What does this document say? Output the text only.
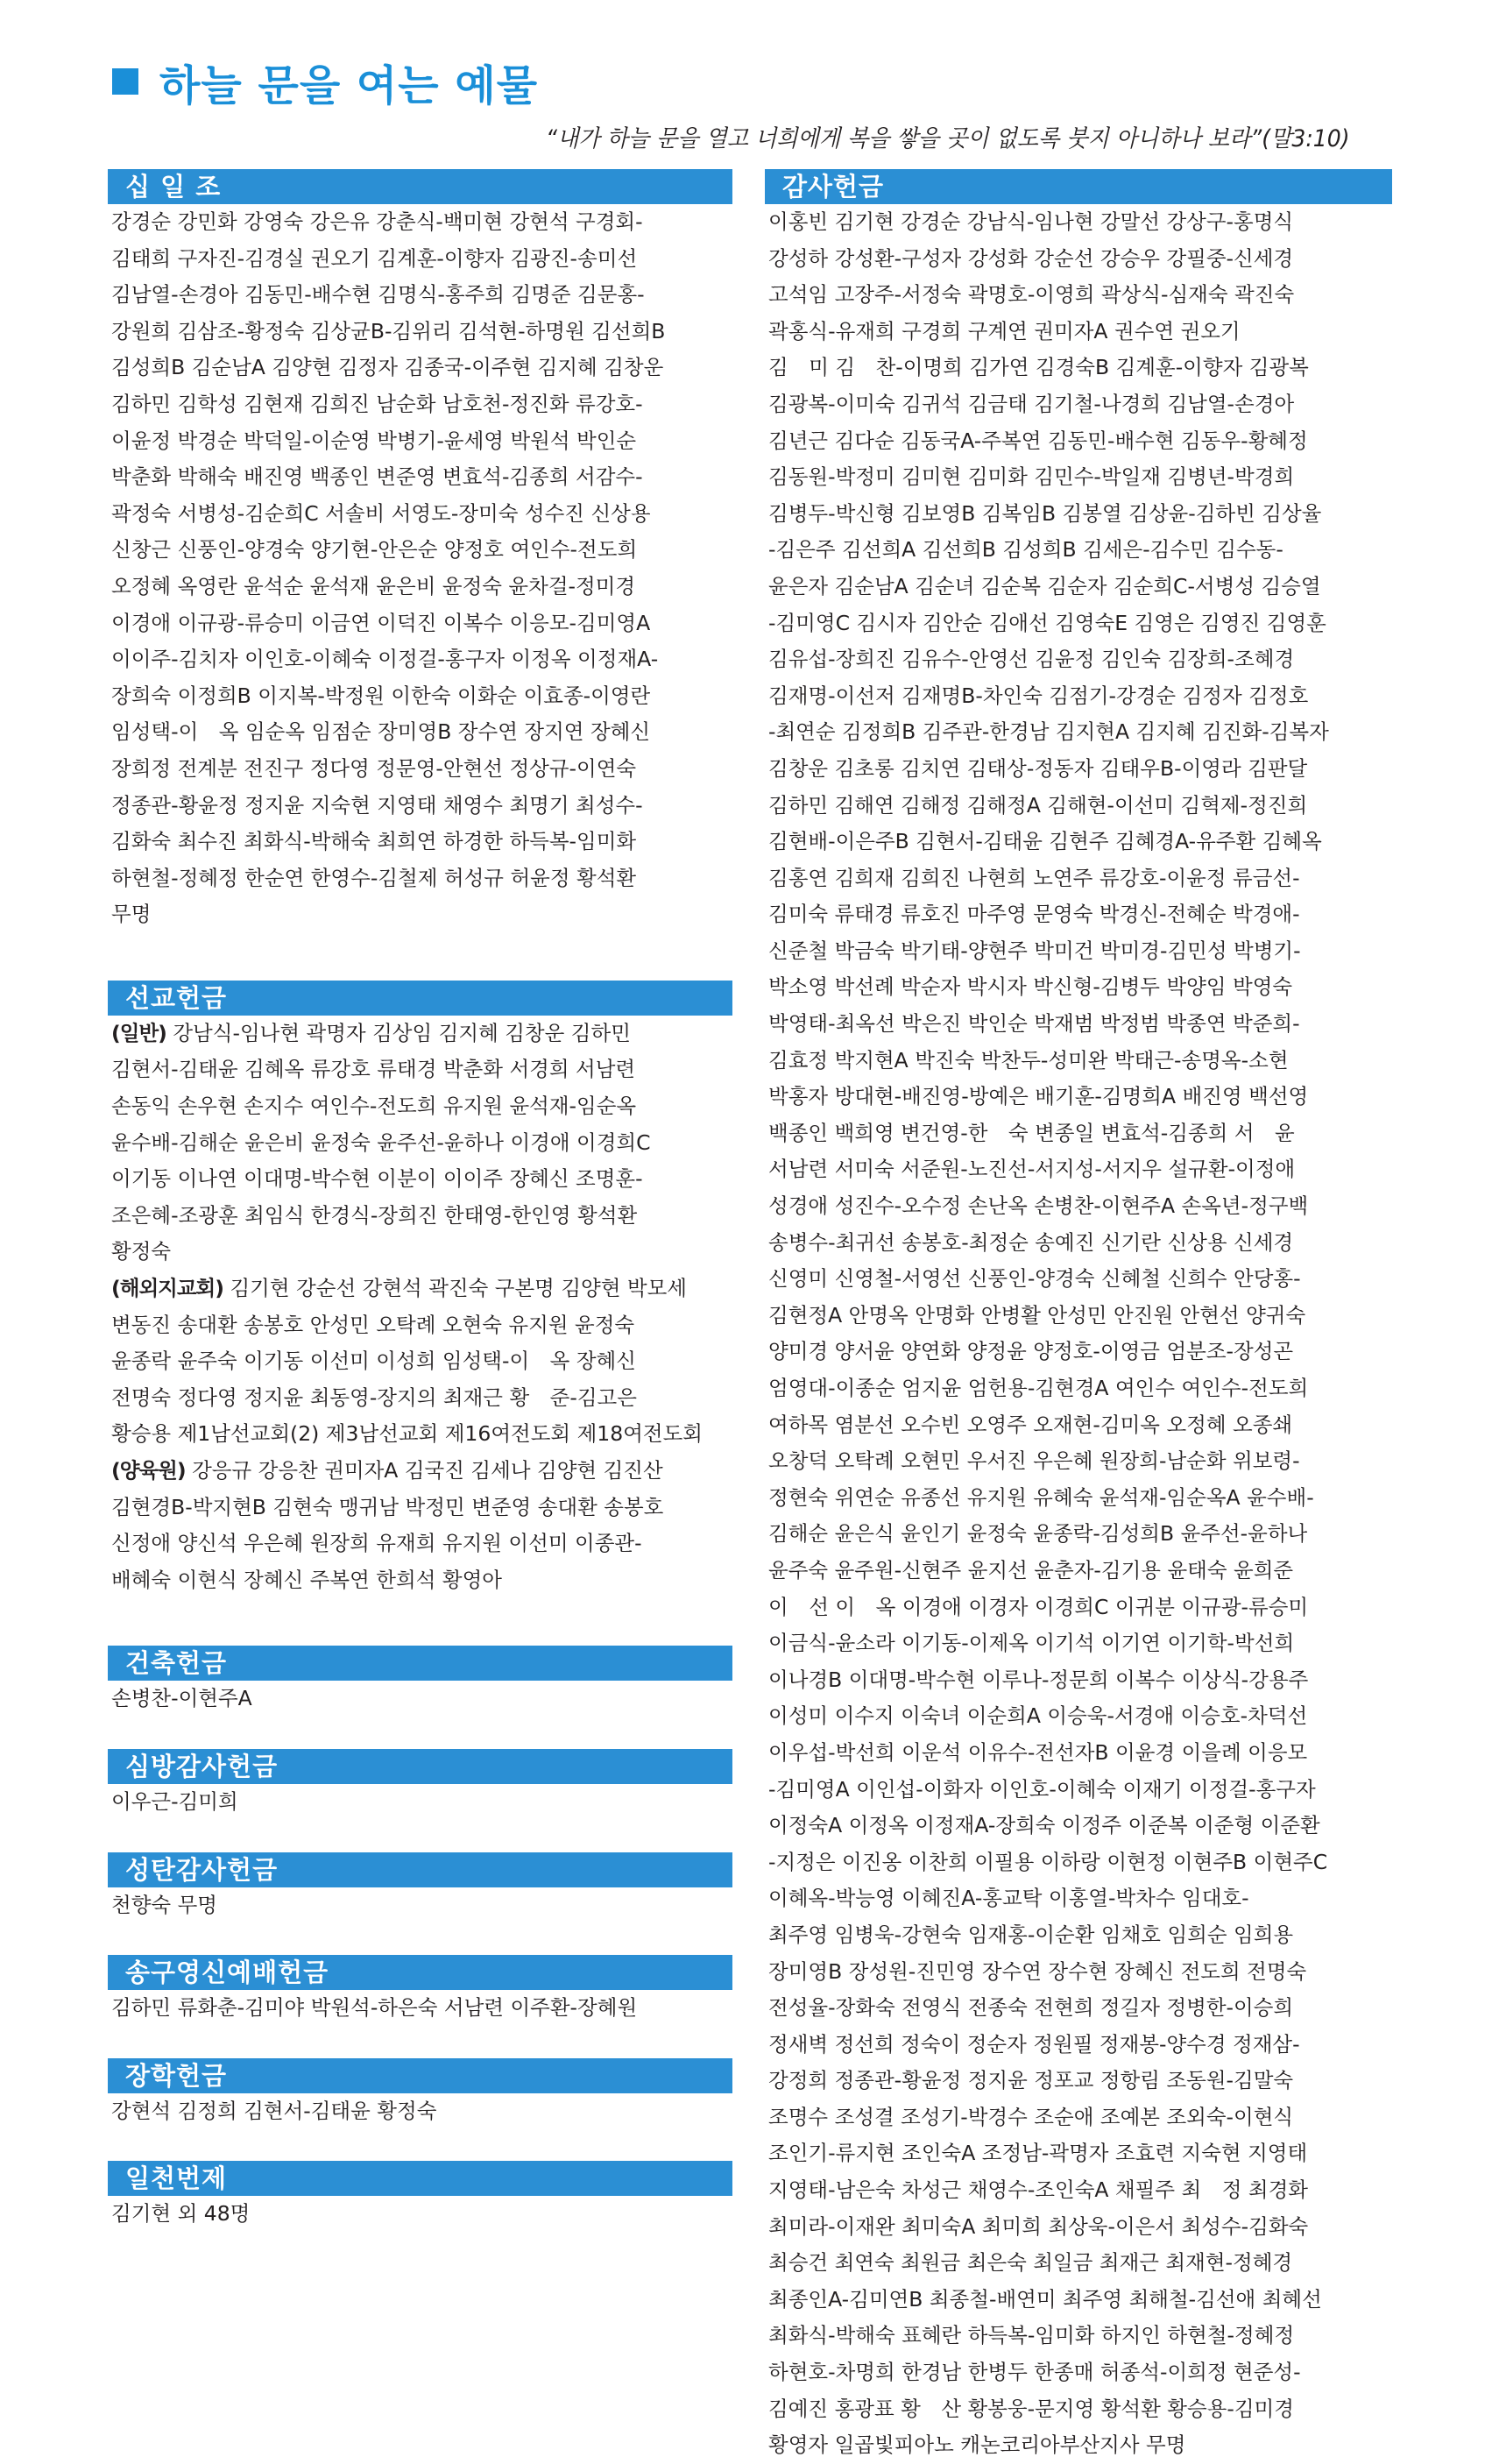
하늘 문을 여는 예물
“내가 하늘 문을 열고 너희에게 복을 쌓을 곳이 없도록 붓지 아니하나 보라”(말3:10)
십 일 조
강경순 강민화 강영숙 강은유 강춘식-백미현 강현석 구경회-
김태희 구자진-김경실 권오기 김계훈-이향자 김광진-송미선
김남열-손경아 김동민-배수현 김명식-홍주희 김명준 김문홍-
강원희 김삼조-황정숙 김상균B-김위리 김석현-하명원 김선희B
김성희B 김순남A 김양현 김정자 김종국-이주현 김지혜 김창운
김하민 김학성 김현재 김희진 남순화 남호천-정진화 류강호-
이윤정 박경순 박덕일-이순영 박병기-윤세영 박원석 박인순
박춘화 박해숙 배진영 백종인 변준영 변효석-김종희 서감수-
곽정숙 서병성-김순희C 서솔비 서영도-장미숙 성수진 신상용
신창근 신풍인-양경숙 양기현-안은순 양정호 여인수-전도희
오정혜 옥영란 윤석순 윤석재 윤은비 윤정숙 윤차걸-정미경
이경애 이규광-류승미 이금연 이덕진 이복수 이응모-김미영A
이이주-김치자 이인호-이혜숙 이정걸-홍구자 이정옥 이정재A-
장희숙 이정희B 이지복-박정원 이한숙 이화순 이효종-이영란
임성택-이　옥 임순옥 임점순 장미영B 장수연 장지연 장혜신
장희정 전계분 전진구 정다영 정문영-안현선 정상규-이연숙
정종관-황윤정 정지윤 지숙현 지영태 채영수 최명기 최성수-
김화숙 최수진 최화식-박해숙 최희연 하경한 하득복-임미화
하현철-정혜정 한순연 한영수-김철제 허성규 허윤정 황석환
무명
선교헌금
(일반) 강남식-임나현 곽명자 김상임 김지혜 김창운 김하민
김현서-김태윤 김혜옥 류강호 류태경 박춘화 서경희 서남련
손동익 손우현 손지수 여인수-전도희 유지원 윤석재-임순옥
윤수배-김해순 윤은비 윤정숙 윤주선-윤하나 이경애 이경희C
이기동 이나연 이대명-박수현 이분이 이이주 장혜신 조명훈-
조은혜-조광훈 최임식 한경식-장희진 한태영-한인영 황석환
황정숙
(해외지교회) 김기현 강순선 강현석 곽진숙 구본명 김양현 박모세
변동진 송대환 송봉호 안성민 오탁례 오현숙 유지원 윤정숙
윤종락 윤주숙 이기동 이선미 이성희 임성택-이　옥 장혜신
전명숙 정다영 정지윤 최동영-장지의 최재근 황　준-김고은
황승용 제1남선교회(2) 제3남선교회 제16여전도회 제18여전도회
(양육원) 강응규 강응찬 권미자A 김국진 김세나 김양현 김진산
김현경B-박지현B 김현숙 맹귀남 박정민 변준영 송대환 송봉호
신정애 양신석 우은혜 원장희 유재희 유지원 이선미 이종관-
배혜숙 이현식 장혜신 주복연 한희석 황영아
건축헌금
손병찬-이현주A
심방감사헌금
이우근-김미희
성탄감사헌금
천향숙 무명
송구영신예배헌금
김하민 류화춘-김미야 박원석-하은숙 서남련 이주환-장혜원
장학헌금
강현석 김정희 김현서-김태윤 황정숙
일천번제
김기현 외 48명
감사헌금
이홍빈 김기현 강경순 강남식-임나현 강말선 강상구-홍명식
강성하 강성환-구성자 강성화 강순선 강승우 강필중-신세경
고석임 고장주-서정숙 곽명호-이영희 곽상식-심재숙 곽진숙
곽홍식-유재희 구경희 구계연 권미자A 권수연 권오기
김　미 김　찬-이명희 김가연 김경숙B 김계훈-이향자 김광복
김광복-이미숙 김귀석 김금태 김기철-나경희 김남열-손경아
김년근 김다순 김동국A-주복연 김동민-배수현 김동우-황혜정
김동원-박정미 김미현 김미화 김민수-박일재 김병년-박경희
김병두-박신형 김보영B 김복임B 김봉열 김상윤-김하빈 김상율
-김은주 김선희A 김선희B 김성희B 김세은-김수민 김수동-
윤은자 김순남A 김순녀 김순복 김순자 김순희C-서병성 김승열
-김미영C 김시자 김안순 김애선 김영숙E 김영은 김영진 김영훈
김유섭-장희진 김유수-안영선 김윤정 김인숙 김장희-조혜경
김재명-이선저 김재명B-차인숙 김점기-강경순 김정자 김정호
-최연순 김정희B 김주관-한경남 김지현A 김지혜 김진화-김복자
김창운 김초롱 김치연 김태상-정동자 김태우B-이영라 김판달
김하민 김해연 김해정 김해정A 김해현-이선미 김혁제-정진희
김현배-이은주B 김현서-김태윤 김현주 김혜경A-유주환 김혜옥
김홍연 김희재 김희진 나현희 노연주 류강호-이윤정 류금선-
김미숙 류태경 류호진 마주영 문영숙 박경신-전혜순 박경애-
신준철 박금숙 박기태-양현주 박미건 박미경-김민성 박병기-
박소영 박선례 박순자 박시자 박신형-김병두 박양임 박영숙
박영태-최옥선 박은진 박인순 박재범 박정범 박종연 박준희-
김효정 박지현A 박진숙 박찬두-성미완 박태근-송명옥-소현
박홍자 방대현-배진영-방예은 배기훈-김명희A 배진영 백선영
백종인 백희영 변건영-한　숙 변종일 변효석-김종희 서　윤
서남련 서미숙 서준원-노진선-서지성-서지우 설규환-이정애
성경애 성진수-오수정 손난옥 손병찬-이현주A 손옥년-정구백
송병수-최귀선 송봉호-최정순 송예진 신기란 신상용 신세경
신영미 신영철-서영선 신풍인-양경숙 신혜철 신희수 안당홍-
김현정A 안명옥 안명화 안병활 안성민 안진원 안현선 양귀숙
양미경 양서윤 양연화 양정윤 양정호-이영금 엄분조-장성곤
엄영대-이종순 엄지윤 엄헌용-김현경A 여인수 여인수-전도희
여하목 염분선 오수빈 오영주 오재현-김미옥 오정혜 오종쇄
오창덕 오탁례 오현민 우서진 우은혜 원장희-남순화 위보령-
정현숙 위연순 유종선 유지원 유혜숙 윤석재-임순옥A 윤수배-
김해순 윤은식 윤인기 윤정숙 윤종락-김성희B 윤주선-윤하나
윤주숙 윤주원-신현주 윤지선 윤춘자-김기용 윤태숙 윤희준
이　선 이　옥 이경애 이경자 이경희C 이귀분 이규광-류승미
이금식-윤소라 이기동-이제옥 이기석 이기연 이기학-박선희
이나경B 이대명-박수현 이루나-정문희 이복수 이상식-강용주
이성미 이수지 이숙녀 이순희A 이승욱-서경애 이승호-차덕선
이우섭-박선희 이운석 이유수-전선자B 이윤경 이을례 이응모
-김미영A 이인섭-이화자 이인호-이혜숙 이재기 이정걸-홍구자
이정숙A 이정옥 이정재A-장희숙 이정주 이준복 이준형 이준환
-지정은 이진옹 이찬희 이필용 이하랑 이현정 이현주B 이현주C
이혜옥-박능영 이혜진A-홍교탁 이홍열-박차수 임대호-
최주영 임병욱-강현숙 임재홍-이순환 임채호 임희순 임희용
장미영B 장성원-진민영 장수연 장수현 장혜신 전도희 전명숙
전성율-장화숙 전영식 전종숙 전현희 정길자 정병한-이승희
정새벽 정선희 정숙이 정순자 정원필 정재봉-양수경 정재삼-
강정희 정종관-황윤정 정지윤 정포교 정항림 조동원-김말숙
조명수 조성결 조성기-박경수 조순애 조예본 조외숙-이현식
조인기-류지현 조인숙A 조정남-곽명자 조효련 지숙현 지영태
지영태-남은숙 차성근 채영수-조인숙A 채필주 최　정 최경화
최미라-이재완 최미숙A 최미희 최상욱-이은서 최성수-김화숙
최승건 최연숙 최원금 최은숙 최일금 최재근 최재현-정혜경
최종인A-김미연B 최종철-배연미 최주영 최해철-김선애 최혜선
최화식-박해숙 표혜란 하득복-임미화 하지인 하현철-정혜정
하현호-차명희 한경남 한병두 한종매 허종석-이희정 현준성-
김예진 홍광표 황　산 황봉웅-문지영 황석환 황승용-김미경
황영자 일곱빛피아노 캐논코리아부산지사 무명
